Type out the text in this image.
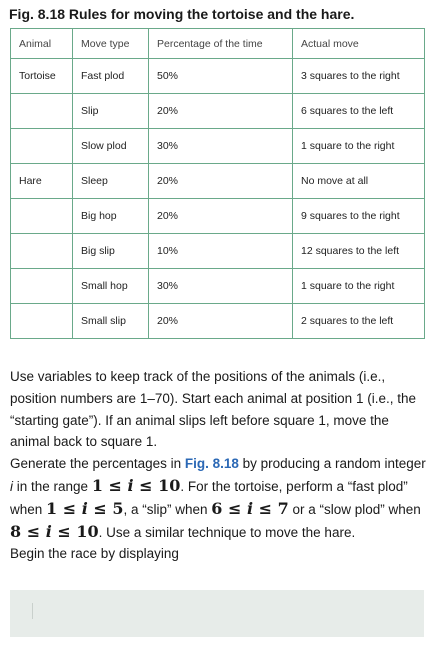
Fig. 8.18 Rules for moving the tortoise and the hare.
Animal	Move type	Percentage of the time	Actual move
Tortoise	Fast plod	50%	3 squares to the right
	Slip	20%	6 squares to the left
	Slow plod	30%	1 square to the right
Hare	Sleep	20%	No move at all
	Big hop	20%	9 squares to the right
	Big slip	10%	12 squares to the left
	Small hop	30%	1 square to the right
	Small slip	20%	2 squares to the left

Use variables to keep track of the positions of the animals (i.e., position numbers are 1–70). Start each animal at position 1 (i.e., the “starting gate”). If an animal slips left before square 1, move the animal back to square 1.

Generate the percentages in Fig. 8.18 by producing a random integer i in the range 1 ≤ i ≤ 10. For the tortoise, perform a “fast plod” when 1 ≤ i ≤ 5, a “slip” when 6 ≤ i ≤ 7 or a “slow plod” when 8 ≤ i ≤ 10. Use a similar technique to move the hare.

Begin the race by displaying
